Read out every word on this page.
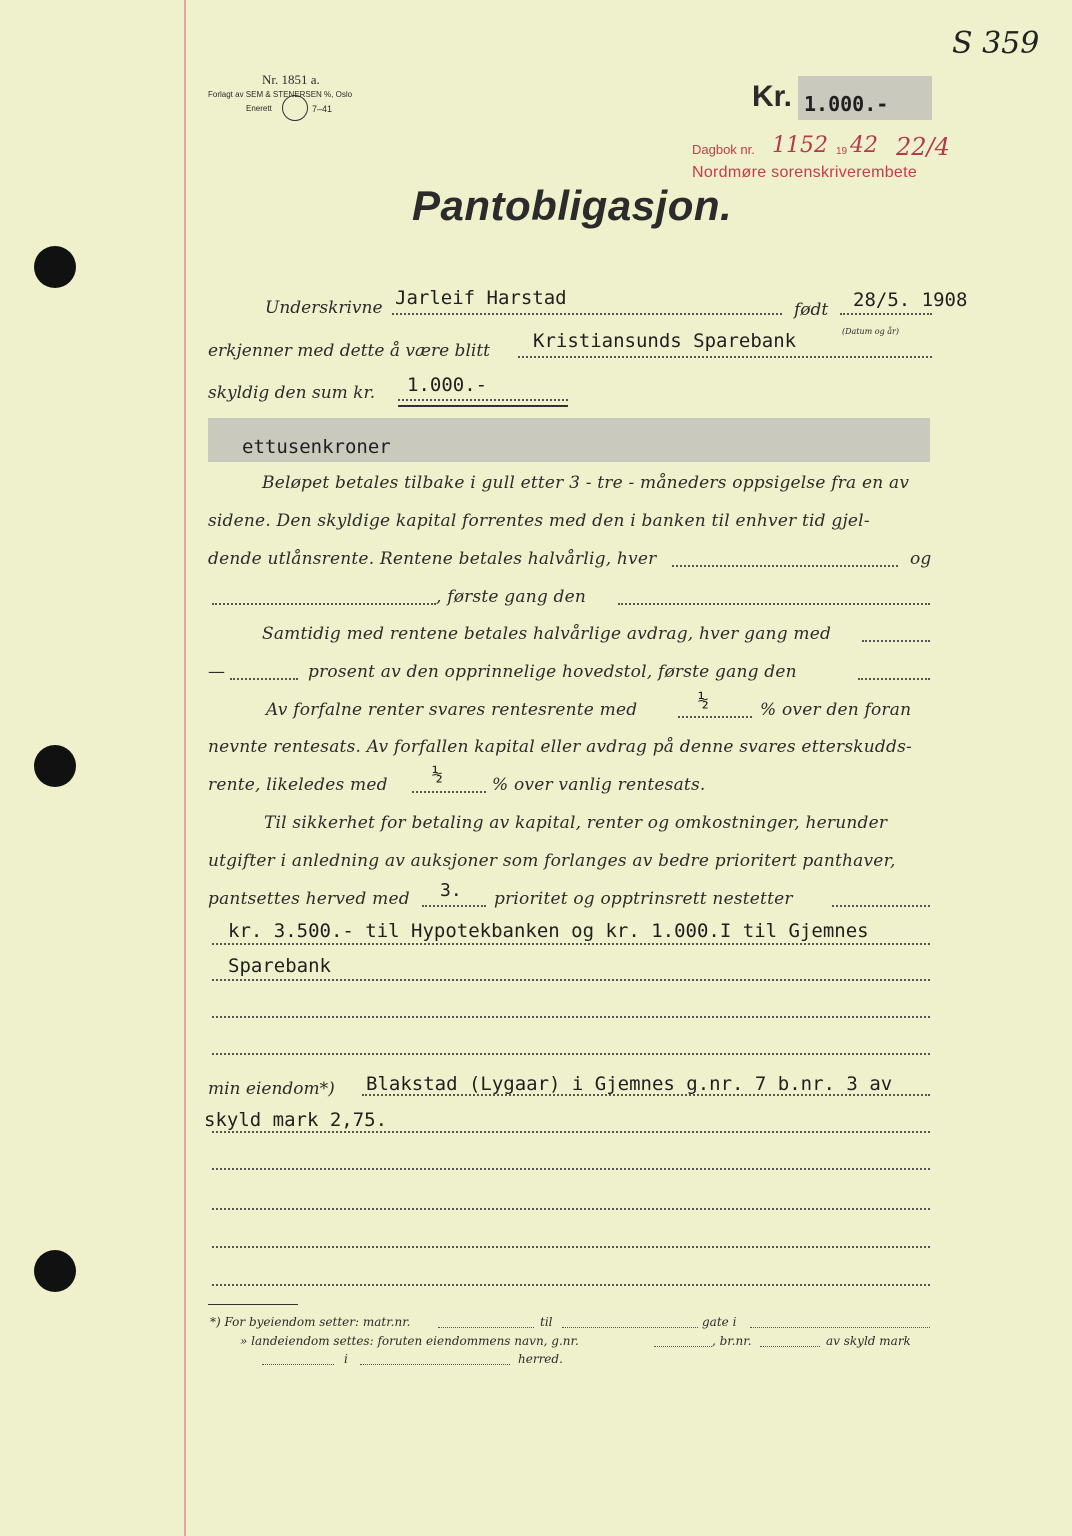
S 359
Nr. 1851 a.
Forlagt av SEM & STENERSEN %, Oslo
Enerett	7–41	Kr. 1.000.-
Dagbok nr. 1152 19 42 22/4
Nordmøre sorenskriverembete
Pantobligasjon.
Underskrivne Jarleif Harstad
født 28/5. 1908
(Datum og år)
erkjenner med dette å være blitt Kristiansunds Sparebank
skyldig den sum kr. 1.000.-
ettusenkroner
Beløpet betales tilbake i gull etter 3 - tre - måneders oppsigelse fra en av
sidene. Den skyldige kapital forrentes med den i banken til enhver tid gjel-
dende utlånsrente. Rentene betales halvårlig, hver	og
, første gang den
Samtidig med rentene betales halvårlige avdrag, hver gang med
—	prosent av den opprinnelige hovedstol, første gang den
Av forfalne renter svares rentesrente med	½	% over den foran
nevnte rentesats. Av forfallen kapital eller avdrag på denne svares etterskudds-
rente, likeledes med ½	% over vanlig rentesats.
Til sikkerhet for betaling av kapital, renter og omkostninger, herunder
utgifter i anledning av auksjoner som forlanges av bedre prioritert panthaver,
pantsettes herved med 3. prioritet og opptrinsrett nestetter
kr. 3.500.- til Hypotekbanken og kr. 1.000.I til Gjemnes
Sparebank
min eiendom*) Blakstad (Lygaar) i Gjemnes g.nr. 7 b.nr. 3 av
skyld mark 2,75.
*) For byeiendom setter: matr.nr.	til	gate i
» landeiendom settes: foruten eiendommens navn, g.nr.	, br.nr.	av skyld mark
i	herred.
